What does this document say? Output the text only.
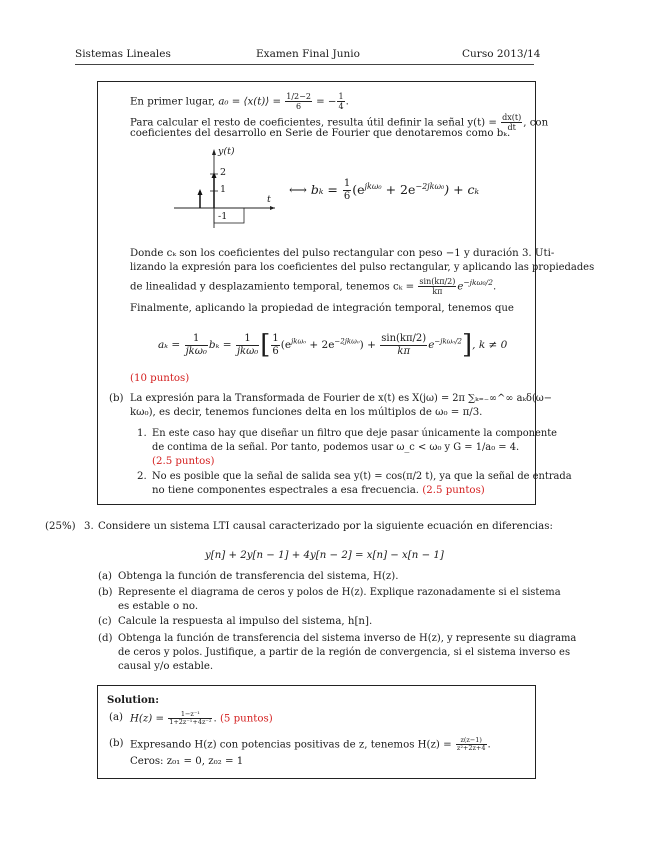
Sistemas Lineales	Examen Final Junio	Curso 2013/14
En primer lugar, a₀ = ⟨x(t)⟩ = $\frac{1/2-2}{6}$ = − $\frac{1}{4}$ .
Para calcular el resto de coeficientes, resulta útil definir la señal $y(t) = \frac{dx(t)}{dt}$ , con
coeficientes del desarrollo en Serie de Fourier que denotaremos como bₖ.
y(t)
t
2
1
-1
⟷ $b_k = \frac{1}{6} (e^{jk\omega_0} + 2e^{-2jk\omega_0}) + c_k$
Donde cₖ son los coeficientes del pulso rectangular con peso −1 y duración 3. Uti-
lizando la expresión para los coeficientes del pulso rectangular, y aplicando las propiedades
de linealidad y desplazamiento temporal, tenemos $c_k = \frac{\sin(k\pi/2)}{k\pi} e^{-jk\omega_0/2}$.
Finalmente, aplicando la propiedad de integración temporal, tenemos que
$a_k = \frac{1}{\text{jkω₀}}$ $b_k = \frac{1}{\text{jkω₀}}$ [ $\frac{1}{6} (e^{jk\omega_0} + 2e^{-2jk\omega_0}) + \frac{\sin(k\pi/2)}{k\pi} e^{-jk\omega_0/2}$], k ≠ 0
(10 puntos)
(b) La expresión para la Transformada de Fourier de x(t) es X(jω) = 2π ∑ₖ₌₋∞^∞ aₖδ(ω−
kω₀), es decir, tenemos funciones delta en los múltiplos de ω₀ = π/3.
1. En este caso hay que diseñar un filtro que deje pasar únicamente la componente
de contima de la señal. Por tanto, podemos usar ω_c < ω₀ y G = 1/a₀ = 4.
(2.5 puntos)
2. No es posible que la señal de salida sea y(t) = cos(π/2 t), ya que la señal de entrada
no tiene componentes espectrales a esa frecuencia. (2.5 puntos)
(25%) 3. Considere un sistema LTI causal caracterizado por la siguiente ecuación en diferencias:
y[n] + 2y[n − 1] + 4y[n − 2] = x[n] − x[n − 1]
(a) Obtenga la función de transferencia del sistema, H(z).
(b) Represente el diagrama de ceros y polos de H(z). Explique razonadamente si el sistema
es estable o no.
(c) Calcule la respuesta al impulso del sistema, h[n].
(d) Obtenga la función de transferencia del sistema inverso de H(z), y represente su diagrama
de ceros y polos. Justifique, a partir de la región de convergencia, si el sistema inverso es
causal y/o estable.
Solution:
(a) $H(z) = \frac{\text{1−z⁻¹}}{\text{1+2z⁻¹+4z⁻²}}$ . (5 puntos)
(b) Expresando H(z) con potencias positivas de z, tenemos $H(z) = \frac{z(z-1)}{\text{z²+2z+4}}$ .
Ceros: z₀₁ = 0, z₀₂ = 1
